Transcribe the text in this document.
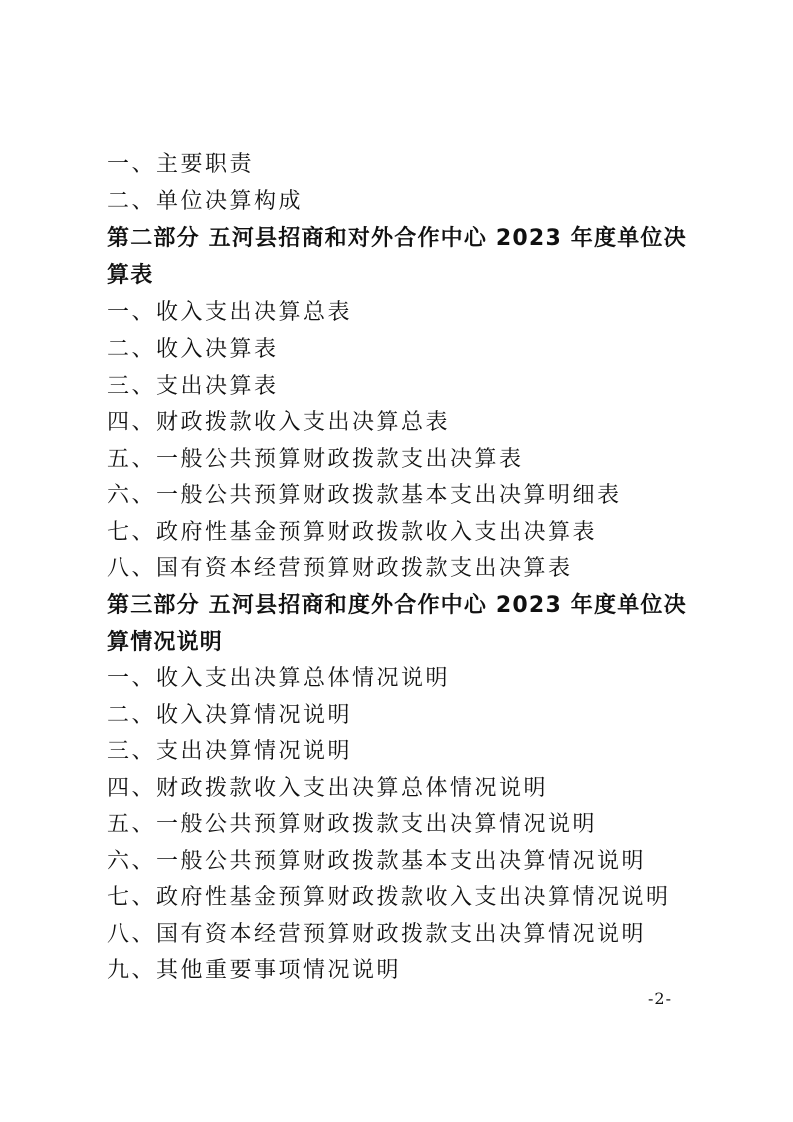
一、主要职责
二、单位决算构成
第二部分 五河县招商和对外合作中心 2023 年度单位决
算表
一、收入支出决算总表
二、收入决算表
三、支出决算表
四、财政拨款收入支出决算总表
五、一般公共预算财政拨款支出决算表
六、一般公共预算财政拨款基本支出决算明细表
七、政府性基金预算财政拨款收入支出决算表
八、国有资本经营预算财政拨款支出决算表
第三部分 五河县招商和度外合作中心 2023 年度单位决
算情况说明
一、收入支出决算总体情况说明
二、收入决算情况说明
三、支出决算情况说明
四、财政拨款收入支出决算总体情况说明
五、一般公共预算财政拨款支出决算情况说明
六、一般公共预算财政拨款基本支出决算情况说明
七、政府性基金预算财政拨款收入支出决算情况说明
八、国有资本经营预算财政拨款支出决算情况说明
九、其他重要事项情况说明
-2-
